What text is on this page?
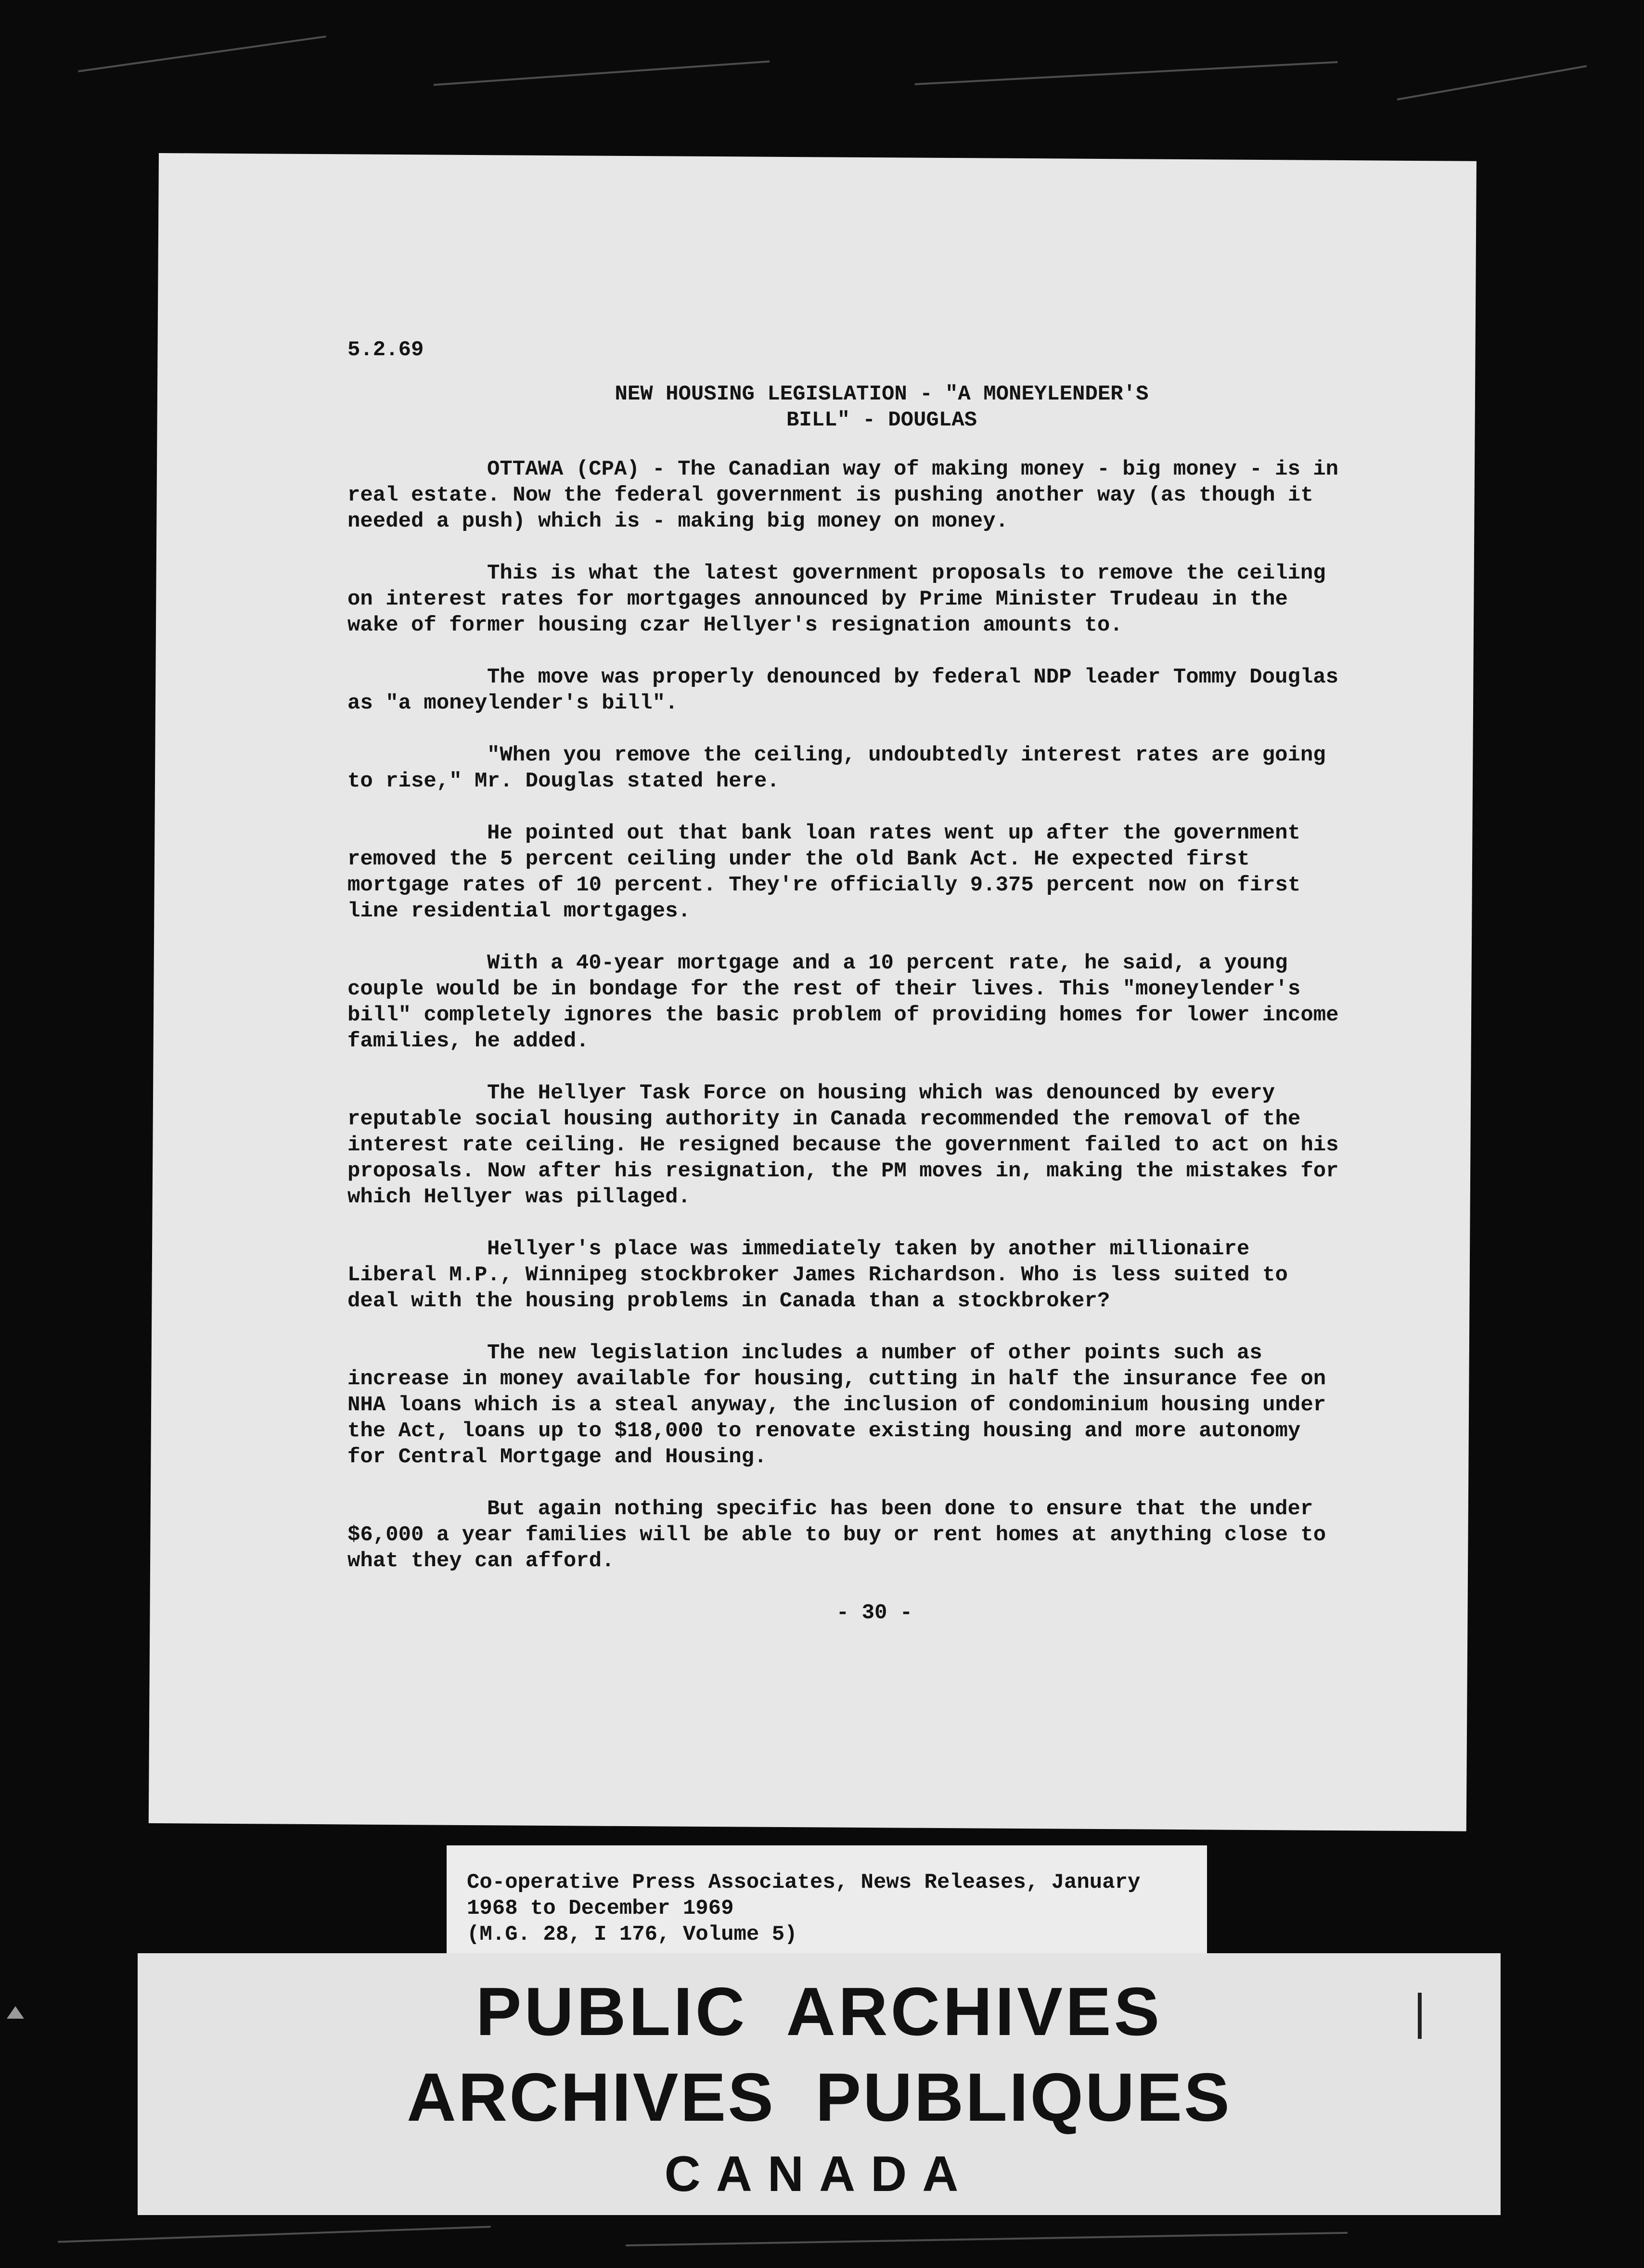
5.2.69
NEW HOUSING LEGISLATION - "A MONEYLENDER'S
BILL" - DOUGLAS

OTTAWA (CPA) - The Canadian way of making money - big money - is in real estate. Now the federal government is pushing another way (as though it needed a push) which is - making big money on money.

This is what the latest government proposals to remove the ceiling on interest rates for mortgages announced by Prime Minister Trudeau in the wake of former housing czar Hellyer's resignation amounts to.

The move was properly denounced by federal NDP leader Tommy Douglas as "a moneylender's bill".

"When you remove the ceiling, undoubtedly interest rates are going to rise," Mr. Douglas stated here.

He pointed out that bank loan rates went up after the government removed the 5 percent ceiling under the old Bank Act. He expected first mortgage rates of 10 percent. They're officially 9.375 percent now on first line residential mortgages.

With a 40-year mortgage and a 10 percent rate, he said, a young couple would be in bondage for the rest of their lives. This "moneylender's bill" completely ignores the basic problem of providing homes for lower income families, he added.

The Hellyer Task Force on housing which was denounced by every reputable social housing authority in Canada recommended the removal of the interest rate ceiling. He resigned because the government failed to act on his proposals. Now after his resignation, the PM moves in, making the mistakes for which Hellyer was pillaged.

Hellyer's place was immediately taken by another millionaire Liberal M.P., Winnipeg stockbroker James Richardson. Who is less suited to deal with the housing problems in Canada than a stockbroker?

The new legislation includes a number of other points such as increase in money available for housing, cutting in half the insurance fee on NHA loans which is a steal anyway, the inclusion of condominium housing under the Act, loans up to $18,000 to renovate existing housing and more autonomy for Central Mortgage and Housing.

But again nothing specific has been done to ensure that the under $6,000 a year families will be able to buy or rent homes at anything close to what they can afford.

- 30 -
Co-operative Press Associates, News Releases, January
1968 to December 1969
(M.G. 28, I 176, Volume 5)
PUBLIC ARCHIVES
ARCHIVES PUBLIQUES
CANADA
